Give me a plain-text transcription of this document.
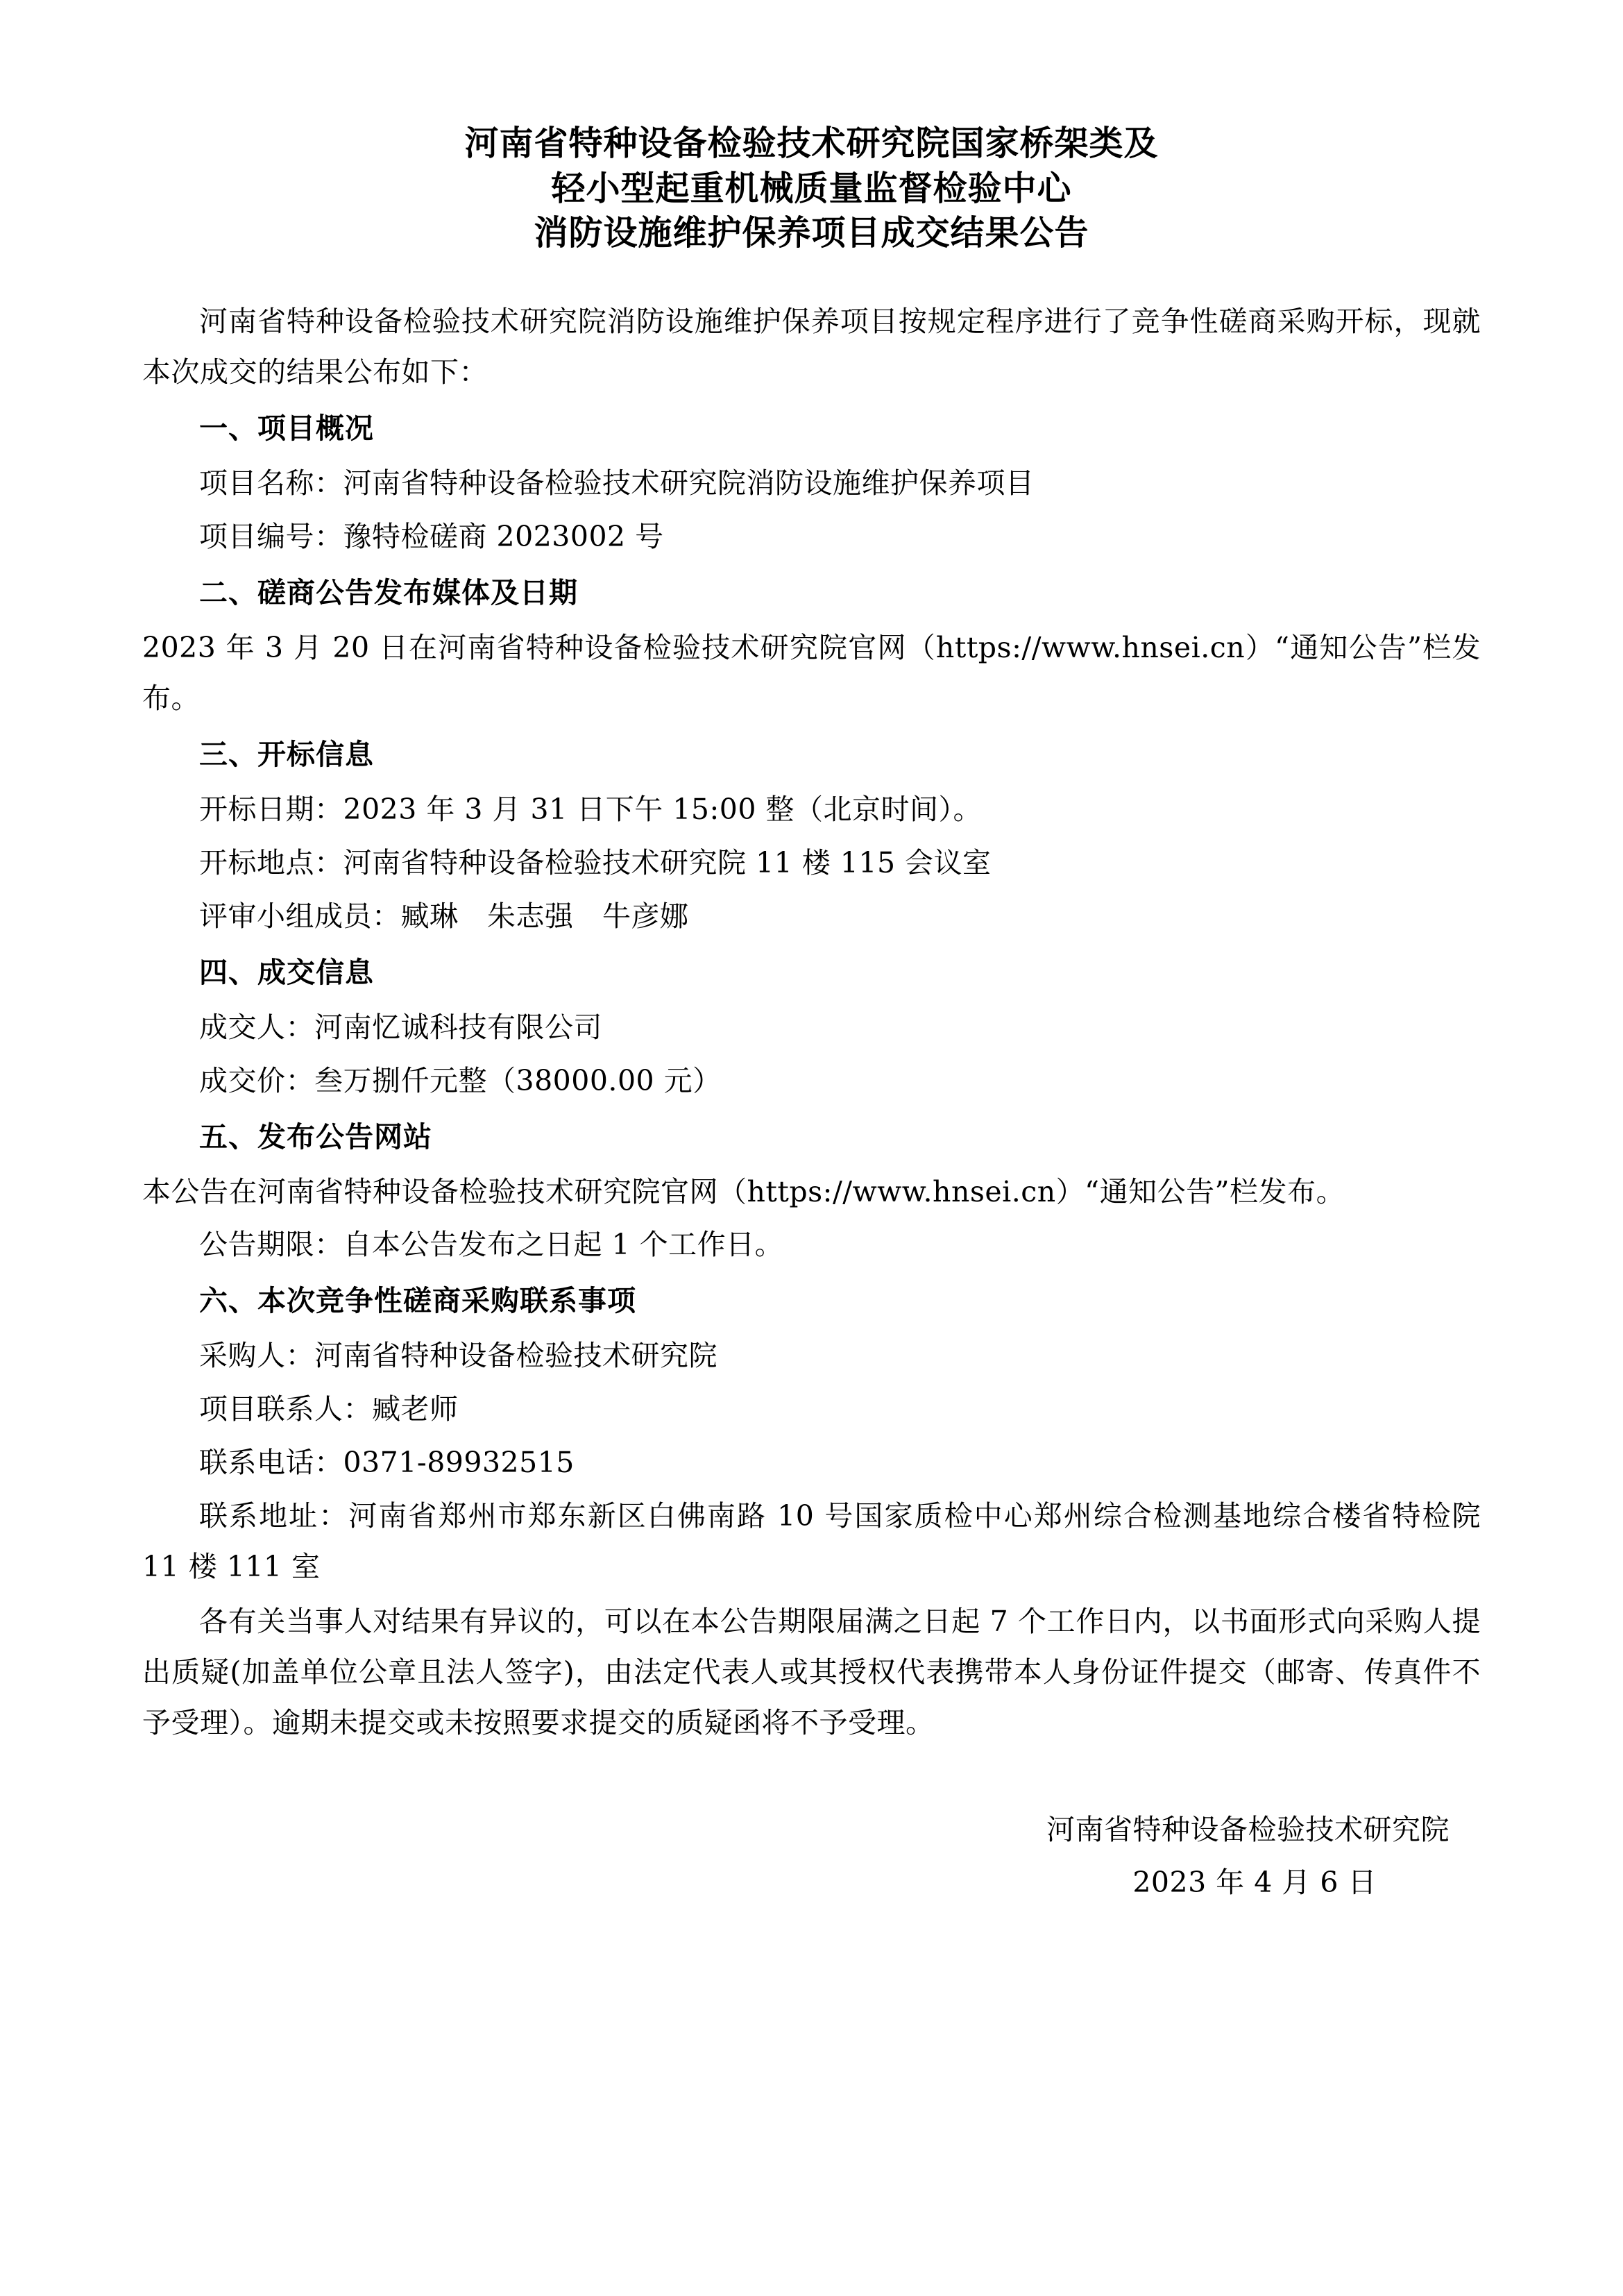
河南省特种设备检验技术研究院国家桥架类及
轻小型起重机械质量监督检验中心
消防设施维护保养项目成交结果公告

河南省特种设备检验技术研究院消防设施维护保养项目按规定程序进行了竞争性磋商采购开标，现就本次成交的结果公布如下：

一、项目概况

项目名称：河南省特种设备检验技术研究院消防设施维护保养项目

项目编号：豫特检磋商 2023002 号

二、磋商公告发布媒体及日期

2023 年 3 月 20 日在河南省特种设备检验技术研究院官网（https://www.hnsei.cn）“通知公告”栏发布。

三、开标信息

开标日期：2023 年 3 月 31 日下午 15:00 整（北京时间）。

开标地点：河南省特种设备检验技术研究院 11 楼 115 会议室

评审小组成员：臧琳　朱志强　牛彦娜

四、成交信息

成交人：河南忆诚科技有限公司

成交价：叁万捌仟元整（38000.00 元）

五、发布公告网站

本公告在河南省特种设备检验技术研究院官网（https://www.hnsei.cn）“通知公告”栏发布。

公告期限：自本公告发布之日起 1 个工作日。

六、本次竞争性磋商采购联系事项

采购人：河南省特种设备检验技术研究院

项目联系人：臧老师

联系电话：0371-89932515

联系地址：河南省郑州市郑东新区白佛南路 10 号国家质检中心郑州综合检测基地综合楼省特检院 11 楼 111 室

各有关当事人对结果有异议的，可以在本公告期限届满之日起 7 个工作日内，以书面形式向采购人提出质疑(加盖单位公章且法人签字)，由法定代表人或其授权代表携带本人身份证件提交（邮寄、传真件不予受理）。逾期未提交或未按照要求提交的质疑函将不予受理。

河南省特种设备检验技术研究院
2023 年 4 月 6 日
